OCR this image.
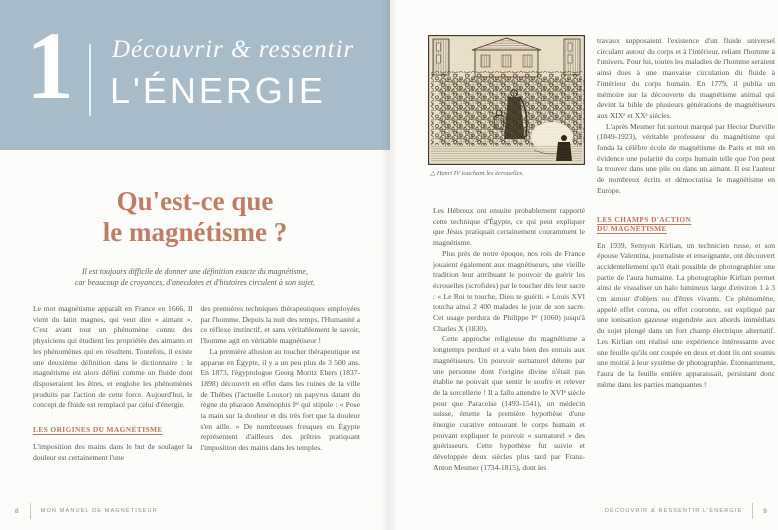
1 Découvrir & ressentir
L'ÉNERGIE
Qu'est-ce que
le magnétisme ?
Il est toujours difficile de donner une définition exacte du magnétisme,
car beaucoup de croyances, d'anecdotes et d'histoires circulent à son sujet.

Le mot magnétisme apparaît en France en 1666. Il vient du latin magnes, qui veut dire « aimant ». C'est avant tout un phénomène connu des physiciens qui étudient les propriétés des aimants et les phénomènes qui en résultent. Toutefois, il existe une deuxième définition dans le dictionnaire : le magnétisme est alors défini comme un fluide dont disposeraient les êtres, et englobe les phénomènes produits par l'action de cette force. Aujourd'hui, le concept de fluide est remplacé par celui d'énergie.

LES ORIGINES DU MAGNÉTISME

L'imposition des mains dans le but de soulager la douleur est certainement l'une

des premières techniques thérapeutiques employées par l'homme. Depuis la nuit des temps, l'Humanité a ce réflexe instinctif, et sans véritablement le savoir, l'homme agit en véritable magnétiseur !

La première allusion au toucher thérapeutique est apparue en Égypte, il y a un peu plus de 3 500 ans. En 1873, l'égyptologue Georg Moritz Ebers (1837-1898) découvrit en effet dans les ruines de la ville de Thèbes (l'actuelle Louxor) un papyrus datant du règne du pharaon Aménophis Iᵉʳ qui stipule : « Pose ta main sur la douleur et dis très fort que la douleur s'en aille. » De nombreuses fresques en Égypte représentent d'ailleurs des prêtres pratiquant l'imposition des mains dans les temples.

8	MON MANUEL DE MAGNÉTISEUR
△ Henri IV touchant les écrouelles.

Les Hébreux ont ensuite probablement rapporté cette technique d'Égypte, ce qui peut expliquer que Jésus pratiquait certainement couramment le magnétisme.

Plus près de notre époque, nos rois de France jouaient également aux magnétiseurs, une vieille tradition leur attribuant le pouvoir de guérir les écrouelles (scrofules) par le toucher dès leur sacre : « Le Roi te touche, Dieu te guérit. » Louis XVI toucha ainsi 2 400 malades le jour de son sacre. Cet usage perdura de Philippe Iᵉʳ (1060) jusqu'à Charles X (1830).

Cette approche religieuse du magnétisme a longtemps perduré et a valu bien des ennuis aux magnétiseurs. Un pouvoir surnaturel détenu par une personne dont l'origine divine n'était pas établie ne pouvait que sentir le soufre et relever de la sorcellerie ! Il a fallu attendre le XVIᵉ siècle pour que Paracelse (1493-1541), un médecin suisse, émette la première hypothèse d'une énergie curative entourant le corps humain et pouvant expliquer le pouvoir « surnaturel » des guérisseurs. Cette hypothèse fut suivie et développée deux siècles plus tard par Franz-Anton Mesmer (1734-1815), dont les

travaux supposaient l'existence d'un fluide universel circulant autour du corps et à l'intérieur, reliant l'homme à l'univers. Pour lui, toutes les maladies de l'homme seraient ainsi dues à une mauvaise circulation du fluide à l'intérieur du corps humain. En 1779, il publia un mémoire sur la découverte du magnétisme animal qui devint la bible de plusieurs générations de magnétiseurs aux XIXᵉ et XXᵉ siècles.

L'après Mesmer fut surtout marqué par Hector Durville (1849-1923), véritable professeur du magnétisme qui fonda la célèbre école de magnétisme de Paris et mit en évidence une polarité du corps humain telle que l'on peut la trouver dans une pile ou dans un aimant. Il est l'auteur de nombreux écrits et démocratisa le magnétisme en Europe.

LES CHAMPS D'ACTION
DU MAGNÉTISME

En 1939, Semyon Kirlian, un technicien russe, et son épouse Valentina, journaliste et enseignante, ont découvert accidentellement qu'il était possible de photographier une partie de l'aura humaine. La photographie Kirlian permet ainsi de visualiser un halo lumineux large d'environ 1 à 3 cm autour d'objets ou d'êtres vivants. Ce phénomène, appelé effet corona, ou effet couronne, est expliqué par une ionisation gazeuse engendrée aux abords immédiats du sujet plongé dans un fort champ électrique alternatif. Les Kirlian ont réalisé une expérience intéressante avec une feuille qu'ils ont coupée en deux et dont ils ont soumis une moitié à leur système de photographie. Étonnamment, l'aura de la feuille entière apparaissait, persistant donc même dans les parties manquantes !

DÉCOUVRIR & RESSENTIR L'ÉNERGIE	9
